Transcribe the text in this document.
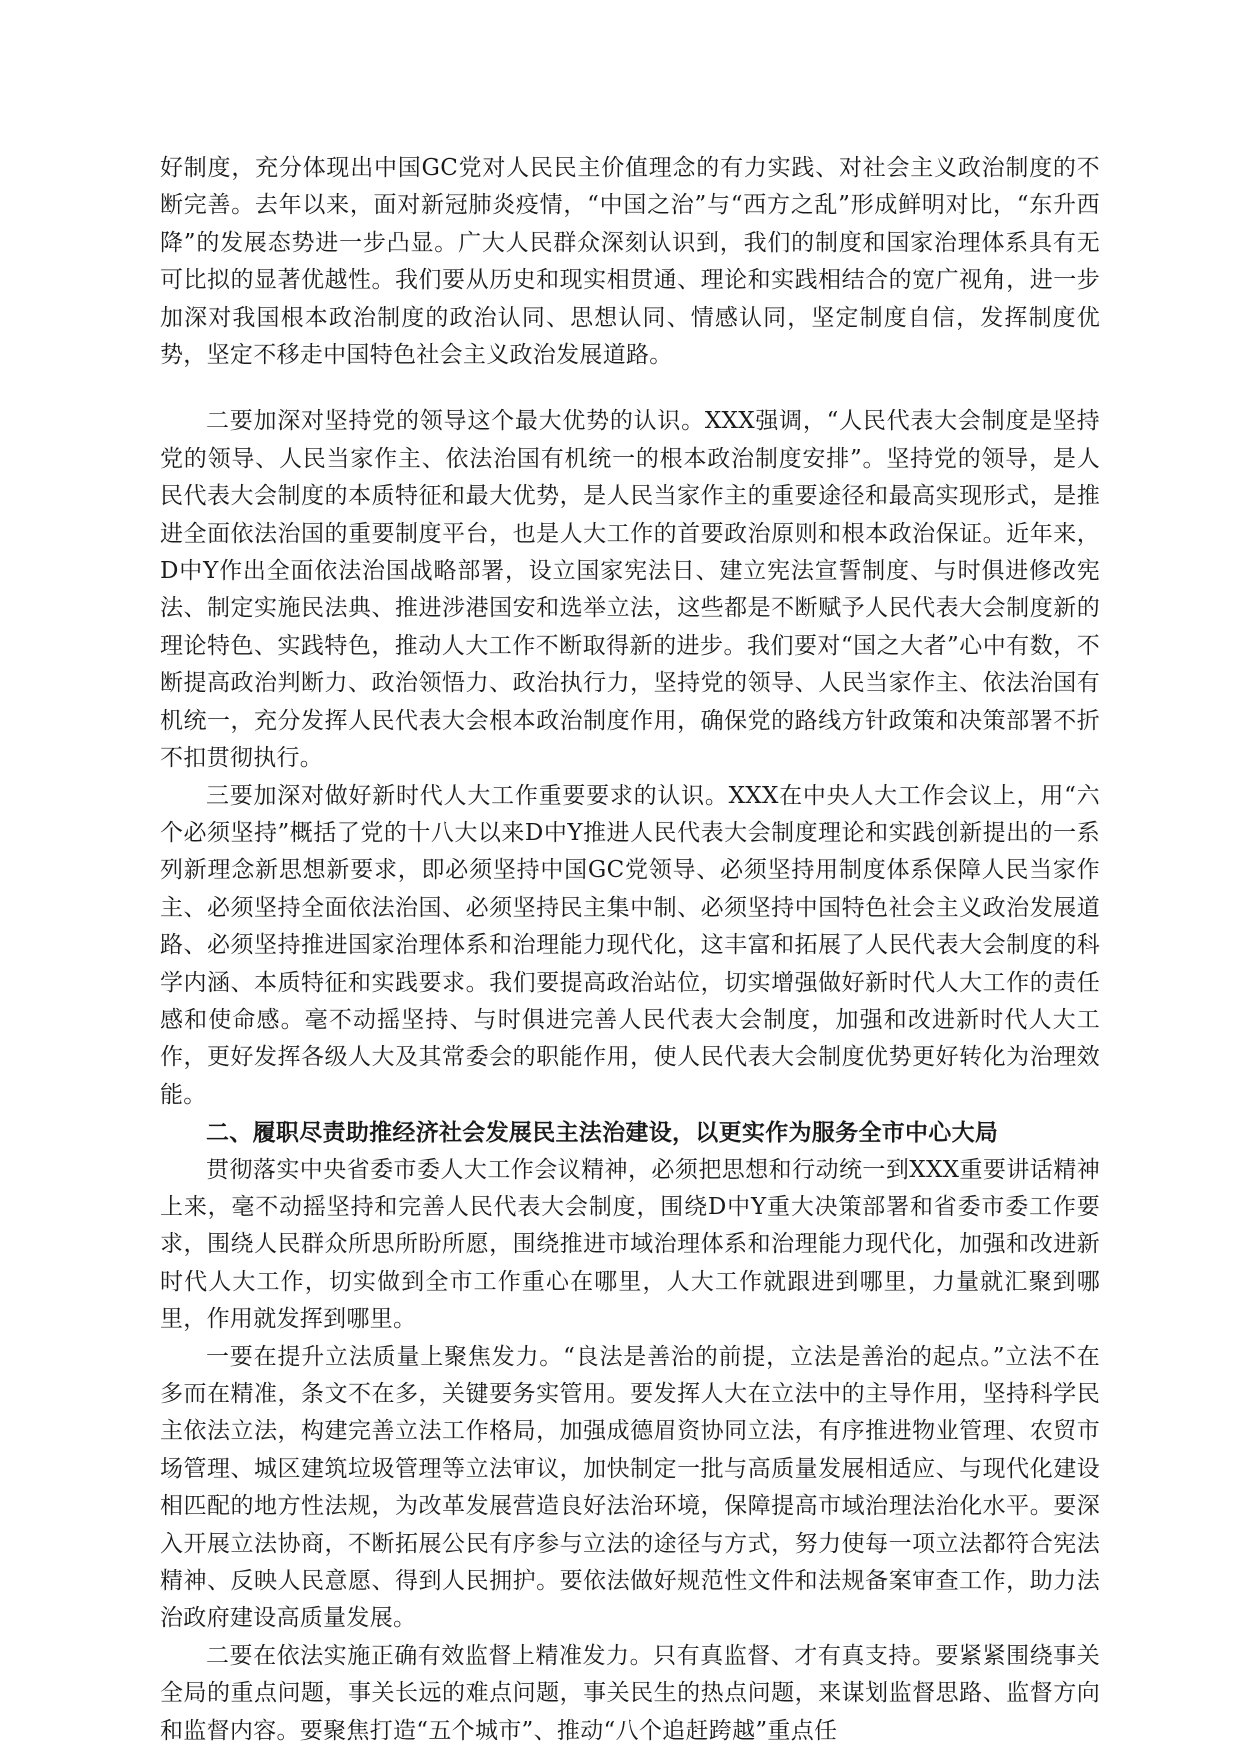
好制度，充分体现出中国GC党对人民民主价值理念的有力实践、对社会主义政治制度的不断完善。去年以来，面对新冠肺炎疫情，“中国之治”与“西方之乱”形成鲜明对比，“东升西降”的发展态势进一步凸显。广大人民群众深刻认识到，我们的制度和国家治理体系具有无可比拟的显著优越性。我们要从历史和现实相贯通、理论和实践相结合的宽广视角，进一步加深对我国根本政治制度的政治认同、思想认同、情感认同，坚定制度自信，发挥制度优势，坚定不移走中国特色社会主义政治发展道路。

二要加深对坚持党的领导这个最大优势的认识。XXX强调，“人民代表大会制度是坚持党的领导、人民当家作主、依法治国有机统一的根本政治制度安排”。坚持党的领导，是人民代表大会制度的本质特征和最大优势，是人民当家作主的重要途径和最高实现形式，是推进全面依法治国的重要制度平台，也是人大工作的首要政治原则和根本政治保证。近年来，D中Y作出全面依法治国战略部署，设立国家宪法日、建立宪法宣誓制度、与时俱进修改宪法、制定实施民法典、推进涉港国安和选举立法，这些都是不断赋予人民代表大会制度新的理论特色、实践特色，推动人大工作不断取得新的进步。我们要对“国之大者”心中有数，不断提高政治判断力、政治领悟力、政治执行力，坚持党的领导、人民当家作主、依法治国有机统一，充分发挥人民代表大会根本政治制度作用，确保党的路线方针政策和决策部署不折不扣贯彻执行。

三要加深对做好新时代人大工作重要要求的认识。XXX在中央人大工作会议上，用“六个必须坚持”概括了党的十八大以来D中Y推进人民代表大会制度理论和实践创新提出的一系列新理念新思想新要求，即必须坚持中国GC党领导、必须坚持用制度体系保障人民当家作主、必须坚持全面依法治国、必须坚持民主集中制、必须坚持中国特色社会主义政治发展道路、必须坚持推进国家治理体系和治理能力现代化，这丰富和拓展了人民代表大会制度的科学内涵、本质特征和实践要求。我们要提高政治站位，切实增强做好新时代人大工作的责任感和使命感。毫不动摇坚持、与时俱进完善人民代表大会制度，加强和改进新时代人大工作，更好发挥各级人大及其常委会的职能作用，使人民代表大会制度优势更好转化为治理效能。

二、履职尽责助推经济社会发展民主法治建设，以更实作为服务全市中心大局

贯彻落实中央省委市委人大工作会议精神，必须把思想和行动统一到XXX重要讲话精神上来，毫不动摇坚持和完善人民代表大会制度，围绕D中Y重大决策部署和省委市委工作要求，围绕人民群众所思所盼所愿，围绕推进市域治理体系和治理能力现代化，加强和改进新时代人大工作，切实做到全市工作重心在哪里，人大工作就跟进到哪里，力量就汇聚到哪里，作用就发挥到哪里。

一要在提升立法质量上聚焦发力。“良法是善治的前提，立法是善治的起点。”立法不在多而在精准，条文不在多，关键要务实管用。要发挥人大在立法中的主导作用，坚持科学民主依法立法，构建完善立法工作格局，加强成德眉资协同立法，有序推进物业管理、农贸市场管理、城区建筑垃圾管理等立法审议，加快制定一批与高质量发展相适应、与现代化建设相匹配的地方性法规，为改革发展营造良好法治环境，保障提高市域治理法治化水平。要深入开展立法协商，不断拓展公民有序参与立法的途径与方式，努力使每一项立法都符合宪法精神、反映人民意愿、得到人民拥护。要依法做好规范性文件和法规备案审查工作，助力法治政府建设高质量发展。

二要在依法实施正确有效监督上精准发力。只有真监督、才有真支持。要紧紧围绕事关全局的重点问题，事关长远的难点问题，事关民生的热点问题，来谋划监督思路、监督方向和监督内容。要聚焦打造“五个城市”、推动“八个追赶跨越”重点任
